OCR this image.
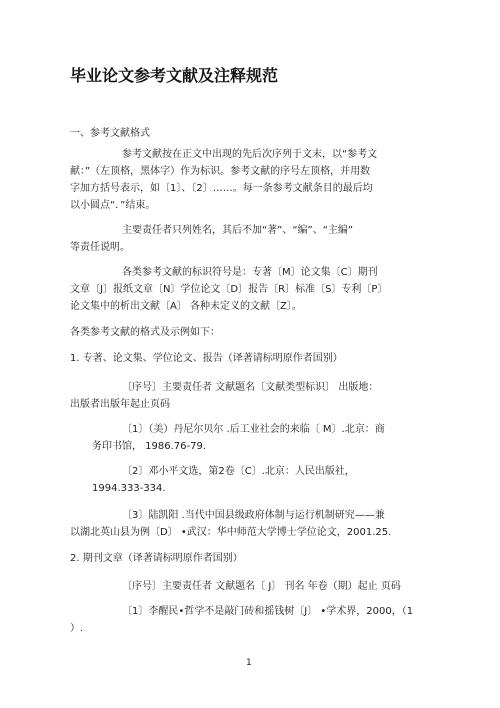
毕业论文参考文献及注释规范
一、参考文献格式
参考文献按在正文中出现的先后次序列于文末，以“参考文
献：”（左顶格，黑体字）作为标识。参考文献的序号左顶格，并用数
字加方括号表示，如〔1〕、〔2〕……。每一条参考文献条目的最后均
以小圆点“．”结束。
主要责任者只列姓名，其后不加“著”、“编”、“主编”
等责任说明。
各类参考文献的标识符号是：专著〔M〕论文集〔C〕期刊
文章〔J〕报纸文章〔N〕学位论文〔D〕报告〔R〕标准〔S〕专利〔P〕
论文集中的析出文献〔A〕 各种未定义的文献〔Z〕。
各类参考文献的格式及示例如下：
1. 专著、论文集、学位论文、报告（译著请标明原作者国别）
〔序号〕主要责任者 文献题名〔文献类型标识〕 出版地：
出版者出版年起止页码
〔1〕（美）丹尼尔贝尔 .后工业社会的来临〔 M〕.北京：商
务印书馆， 1986.76-79.
〔2〕邓小平文选，第2卷〔C〕.北京：人民出版社，
1994.333-334.
〔3〕陆凯阳 .当代中国县级政府体制与运行机制研究——兼
以湖北英山县为例〔D〕 •武汉：华中师范大学博士学位论文，2001.25.
2. 期刊文章（译著请标明原作者国别）
〔序号〕主要责任者 文献题名〔 J〕 刊名 年卷（期）起止 页码
〔1〕李醒民•哲学不是敲门砖和摇钱树〔J〕 •学术界，2000，（1
）.
1
